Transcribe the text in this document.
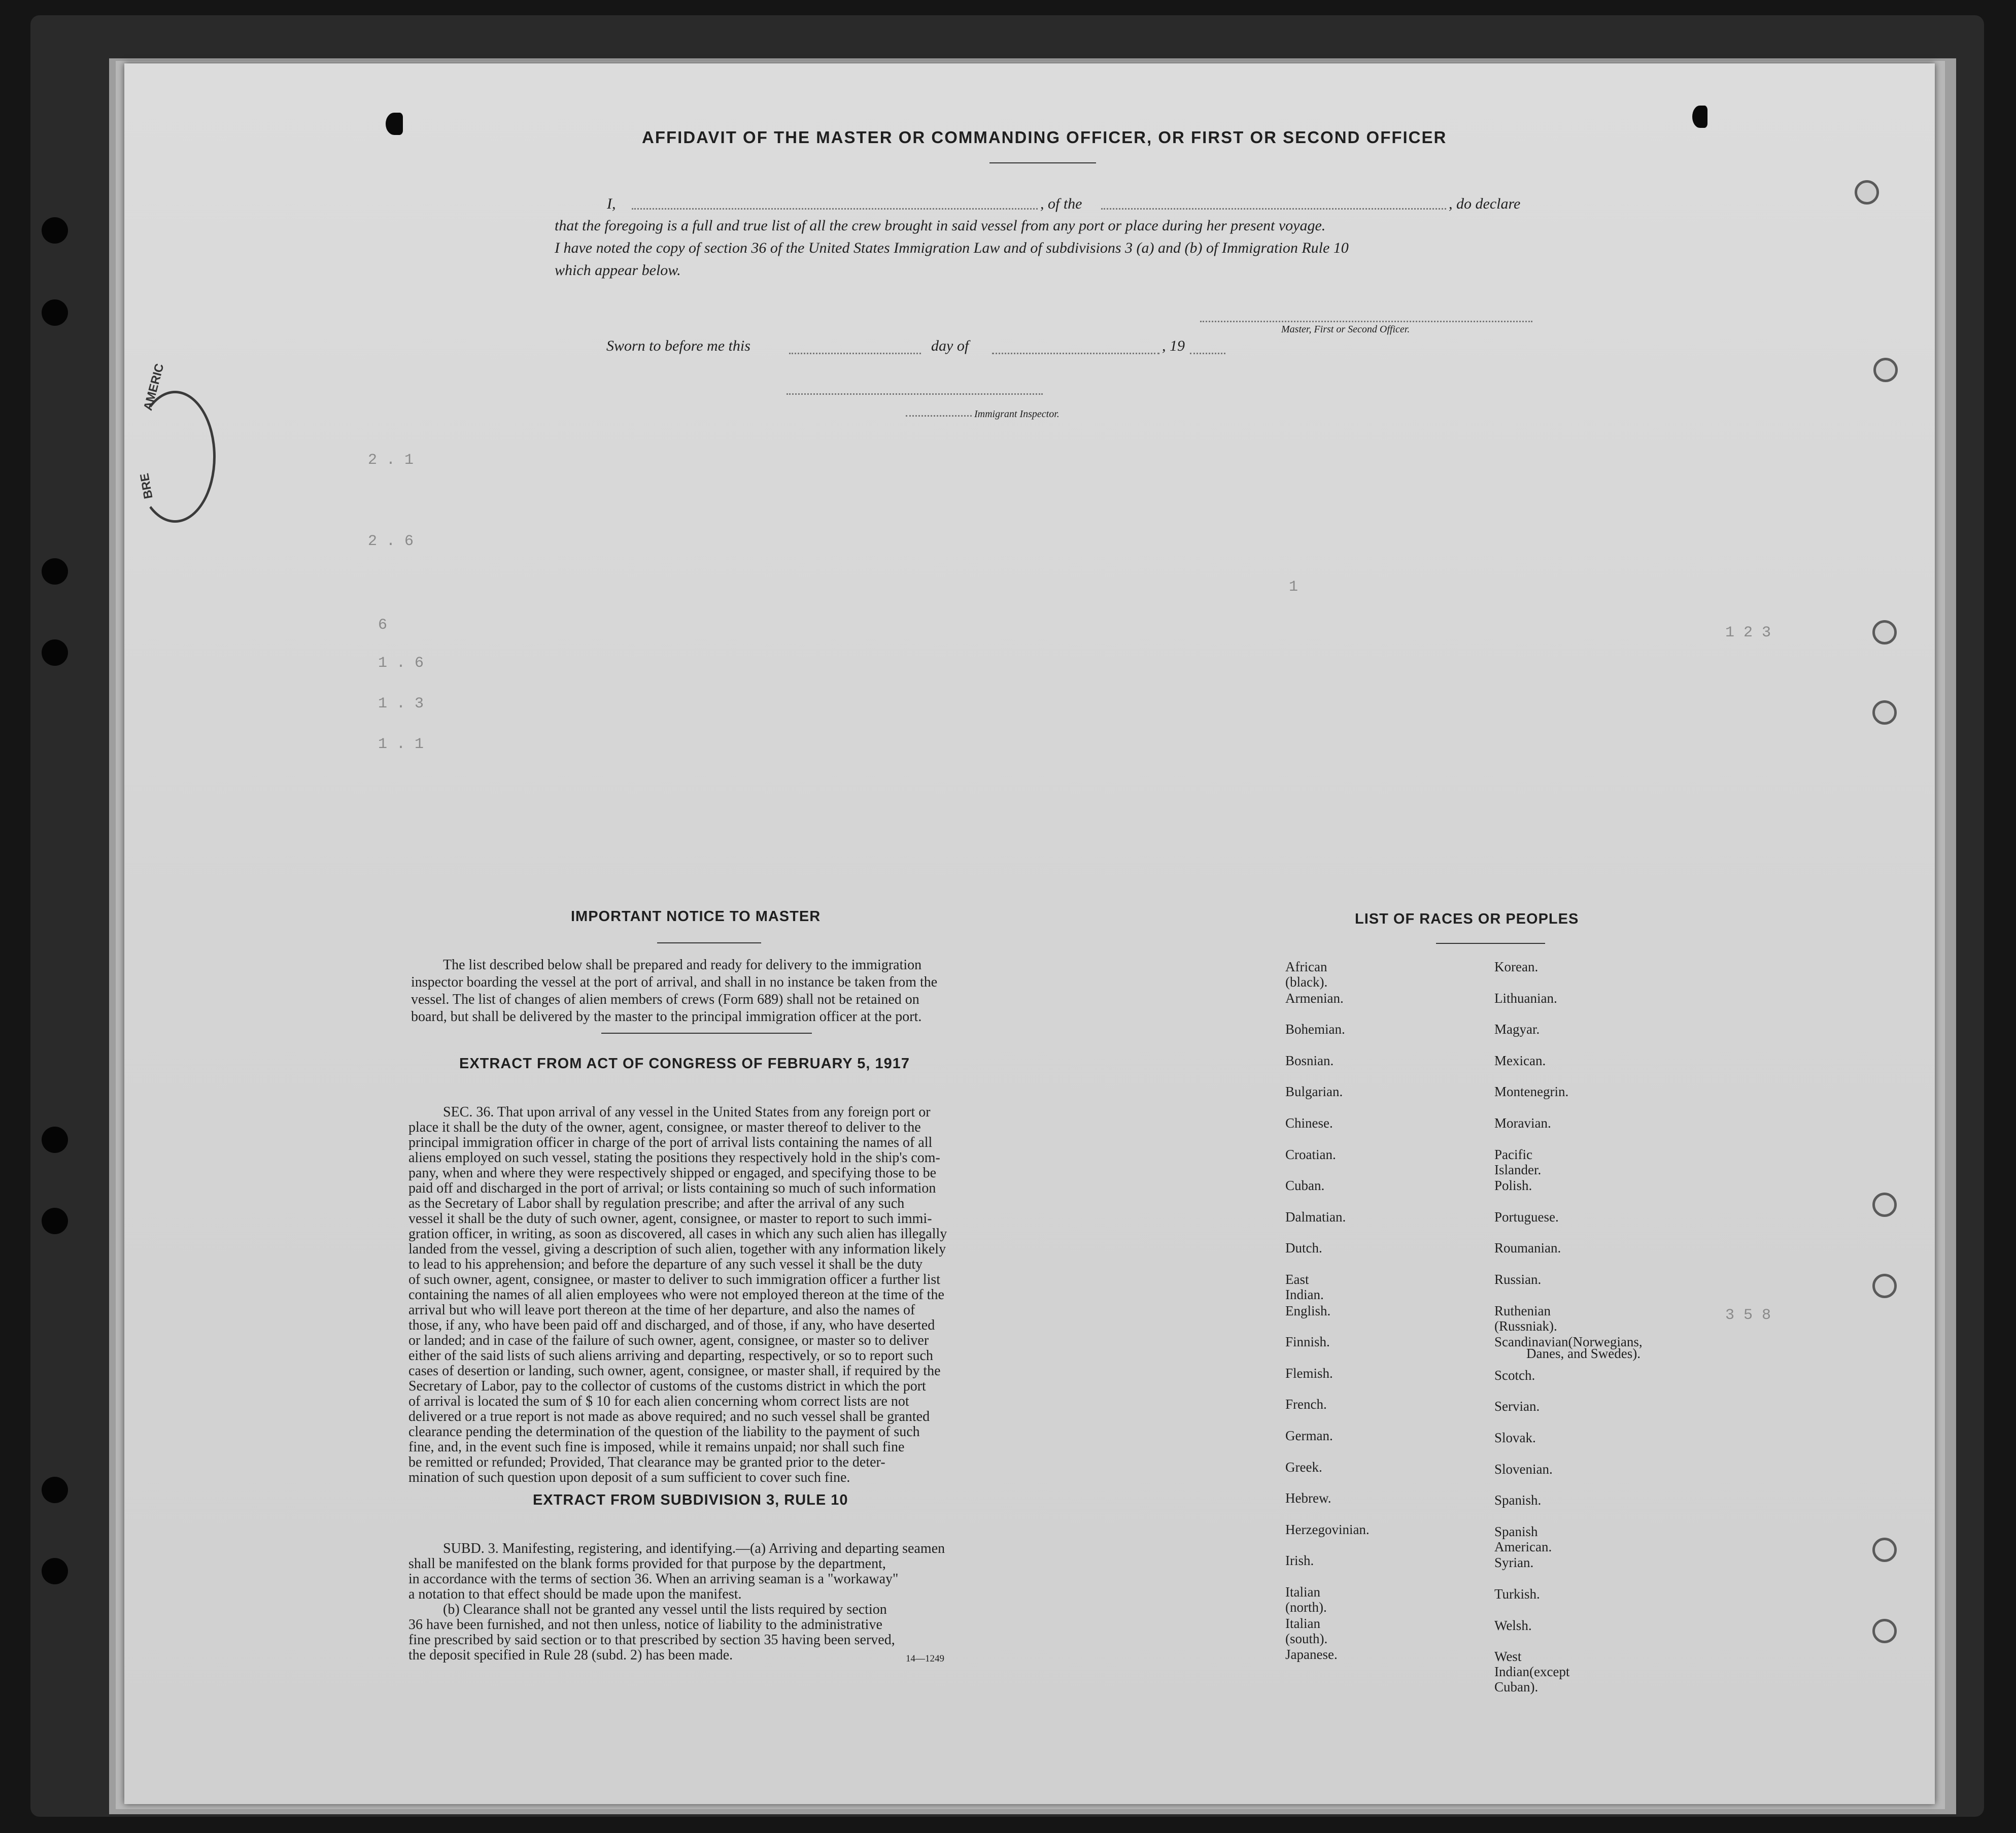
AMERIC
BRE
2 . 1
2 . 6
6
1 . 6
1 . 3
1 . 1
1
1 2 3
3 5 8
AFFIDAVIT OF THE MASTER OR COMMANDING OFFICER, OR FIRST OR SECOND OFFICER
I,	, of the	, do declare
that the foregoing is a full and true list of all the crew brought in said vessel from any port or place during her present voyage.
I have noted the copy of section 36 of the United States Immigration Law and of subdivisions 3 (a) and (b) of Immigration Rule 10
which appear below.
Master, First or Second Officer.
Sworn to before me this	day of	, 19
Immigrant Inspector.
IMPORTANT NOTICE TO MASTER
The list described below shall be prepared and ready for delivery to the immigration
inspector boarding the vessel at the port of arrival, and shall in no instance be taken from the
vessel. The list of changes of alien members of crews (Form 689) shall not be retained on
board, but shall be delivered by the master to the principal immigration officer at the port.
EXTRACT FROM ACT OF CONGRESS OF FEBRUARY 5, 1917
SEC. 36. That upon arrival of any vessel in the United States from any foreign port or
place it shall be the duty of the owner, agent, consignee, or master thereof to deliver to the
principal immigration officer in charge of the port of arrival lists containing the names of all
aliens employed on such vessel, stating the positions they respectively hold in the ship's com-
pany, when and where they were respectively shipped or engaged, and specifying those to be
paid off and discharged in the port of arrival; or lists containing so much of such information
as the Secretary of Labor shall by regulation prescribe; and after the arrival of any such
vessel it shall be the duty of such owner, agent, consignee, or master to report to such immi-
gration officer, in writing, as soon as discovered, all cases in which any such alien has illegally
landed from the vessel, giving a description of such alien, together with any information likely
to lead to his apprehension; and before the departure of any such vessel it shall be the duty
of such owner, agent, consignee, or master to deliver to such immigration officer a further list
containing the names of all alien employees who were not employed thereon at the time of the
arrival but who will leave port thereon at the time of her departure, and also the names of
those, if any, who have been paid off and discharged, and of those, if any, who have deserted
or landed; and in case of the failure of such owner, agent, consignee, or master so to deliver
either of the said lists of such aliens arriving and departing, respectively, or so to report such
cases of desertion or landing, such owner, agent, consignee, or master shall, if required by the
Secretary of Labor, pay to the collector of customs of the customs district in which the port
of arrival is located the sum of $ 10 for each alien concerning whom correct lists are not
delivered or a true report is not made as above required; and no such vessel shall be granted
clearance pending the determination of the question of the liability to the payment of such
fine, and, in the event such fine is imposed, while it remains unpaid; nor shall such fine
be remitted or refunded; Provided, That clearance may be granted prior to the deter-
mination of such question upon deposit of a sum sufficient to cover such fine.
EXTRACT FROM SUBDIVISION 3, RULE 10
SUBD. 3. Manifesting, registering, and identifying.—(a) Arriving and departing seamen
shall be manifested on the blank forms provided for that purpose by the department,
in accordance with the terms of section 36. When an arriving seaman is a "workaway"
a notation to that effect should be made upon the manifest.
(b) Clearance shall not be granted any vessel until the lists required by section
36 have been furnished, and not then unless, notice of liability to the administrative
fine prescribed by said section or to that prescribed by section 35 having been served,
the deposit specified in Rule 28 (subd. 2) has been made.	14—1249
LIST OF RACES OR PEOPLES
African (black).
Armenian.
Bohemian.
Bosnian.
Bulgarian.
Chinese.
Croatian.
Cuban.
Dalmatian.
Dutch.
East Indian.
English.
Finnish.
Flemish.
French.
German.
Greek.
Hebrew.
Herzegovinian.
Irish.
Italian (north).
Italian (south).
Japanese.
Korean.
Lithuanian.
Magyar.
Mexican.
Montenegrin.
Moravian.
Pacific Islander.
Polish.
Portuguese.
Roumanian.
Russian.
Ruthenian (Russniak).
Scandinavian(Norwegians,
Scotch.
Servian.
Slovak.
Slovenian.
Spanish.
Spanish American.
Syrian.
Turkish.
Welsh.
West Indian(except Cuban).
Danes, and Swedes).
